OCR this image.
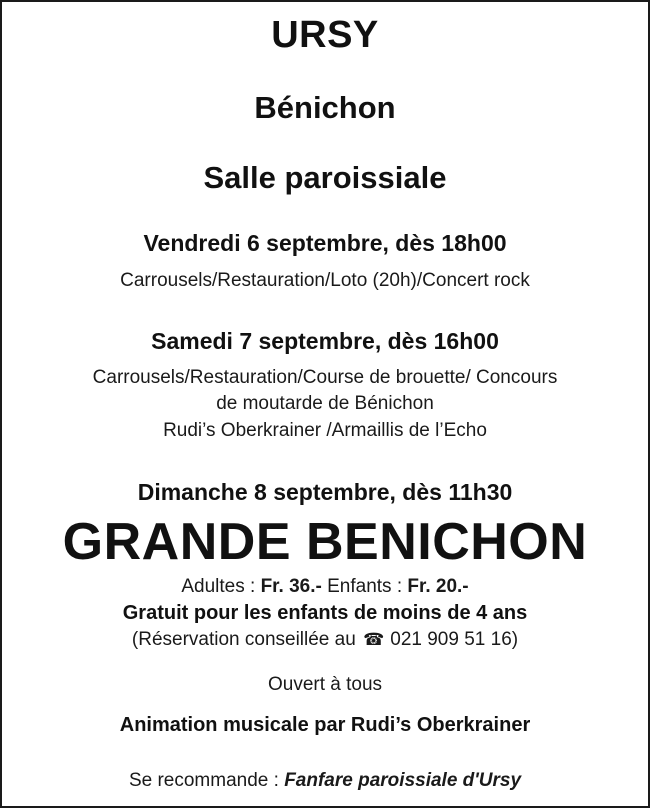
URSY
Bénichon
Salle paroissiale
Vendredi 6 septembre, dès 18h00
Carrousels/Restauration/Loto (20h)/Concert rock
Samedi 7 septembre, dès 16h00
Carrousels/Restauration/Course de brouette/ Concours
de moutarde de Bénichon
Rudi’s Oberkrainer /Armaillis de l’Echo
Dimanche 8 septembre, dès 11h30
GRANDE BENICHON
Adultes : Fr. 36.- Enfants : Fr. 20.-
Gratuit pour les enfants de moins de 4 ans
(Réservation conseillée au ☎ 021 909 51 16)
Ouvert à tous
Animation musicale par Rudi’s Oberkrainer
Se recommande : Fanfare paroissiale d'Ursy
